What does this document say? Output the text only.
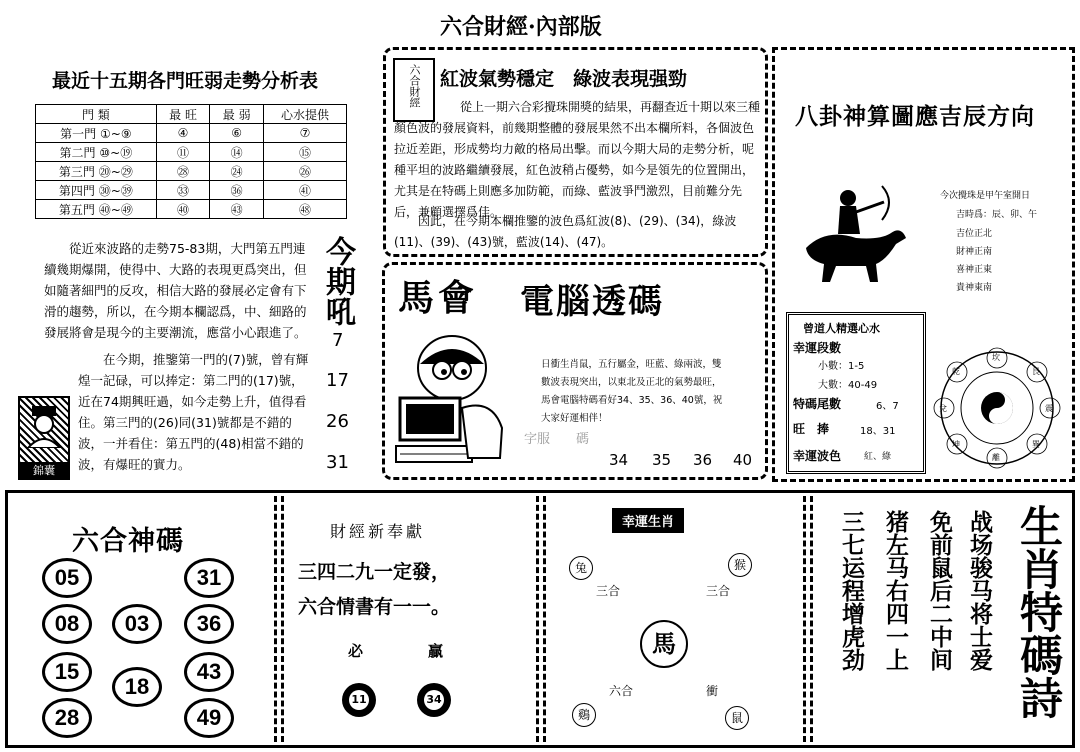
六合財經·內部版
最近十五期各門旺弱走勢分析表
門 類	最 旺	最 弱	心水提供
第一門 ①~⑨	④	⑥	⑦
第二門 ⑩~⑲	⑪	⑭	⑮
第三門 ⑳~㉙	㉘	㉔	㉖
第四門 ㉚~㊴	㉝	㊱	㊶
第五門 ㊵~㊾	㊵	㊸	㊽
從近來波路的走勢75-83期，大門第五門連續幾期爆開，使得中、大路的表現更爲突出，但如隨著細門的反攻，相信大路的發展必定會有下滑的趨勢，所以，在今期本欄認爲，中、細路的發展將會是現今的主要潮流，應當小心跟進了。
在今期，推鑒第一門的(7)號，曾有輝煌一記碌，可以捧定：第二門的(17)號，近在74期興旺過，如今走勢上升，值得看住。第三門的(26)同(31)號都是不錯的波，一并看住：第五門的(48)相當不錯的波，有爆旺的實力。
錦囊
今期吼
7
17
26
31
六合財經 紅波氣勢穩定　綠波表現强勁
從上一期六合彩攪珠開獎的結果，再翻查近十期以來三種顏色波的發展資料，前幾期整體的發展果然不出本欄所料，各個波色拉近差距，形成勢均力敵的格局出擊。而以今期大局的走勢分析，呢種平坦的波路繼續發展，紅色波稍占優勢，如今是領先的位置開出，尤其是在特碼上則應多加防範，而綠、藍波爭鬥激烈，目前難分先后，兼顧選擇爲佳。
因此，在今期本欄推鑒的波色爲紅波(8)、(29)、(34)，綠波(11)、(39)、(43)號，藍波(14)、(47)。
馬會 電腦透碼
日衝生肖鼠，五行屬金，旺藍、綠兩波，雙數波表現突出，以東北及正北的氣勢最旺，馬會電腦特碼看好34、35、36、40號，祝大家好運相伴！
字服　　碼
34 35 36 40
八卦神算圖應吉辰方向
今次攪珠是甲午室開日
吉時爲：辰、卯、午
吉位正北
財神正南
喜神正東
貴神東南
曾道人精選心水
幸運段數
小數：1-5
大數：40-49
特碼尾數	6、7
旺　捧	18、31
幸運波色	紅、綠
坎
艮
震
巽
離
坤
兌
乾
六合神碼
05	31
08	03	36
15
18
43
28	49
財經新奉獻
三四二九一定發，
六合情書有一一。
必	贏
11	34
幸運生肖
兔	猴
三合	三合
馬
六合	衝
鷄	鼠
三七运程增虎劲 猪左马右四一上 免前鼠后二中间 战场骏马将士爱 生肖特碼詩
